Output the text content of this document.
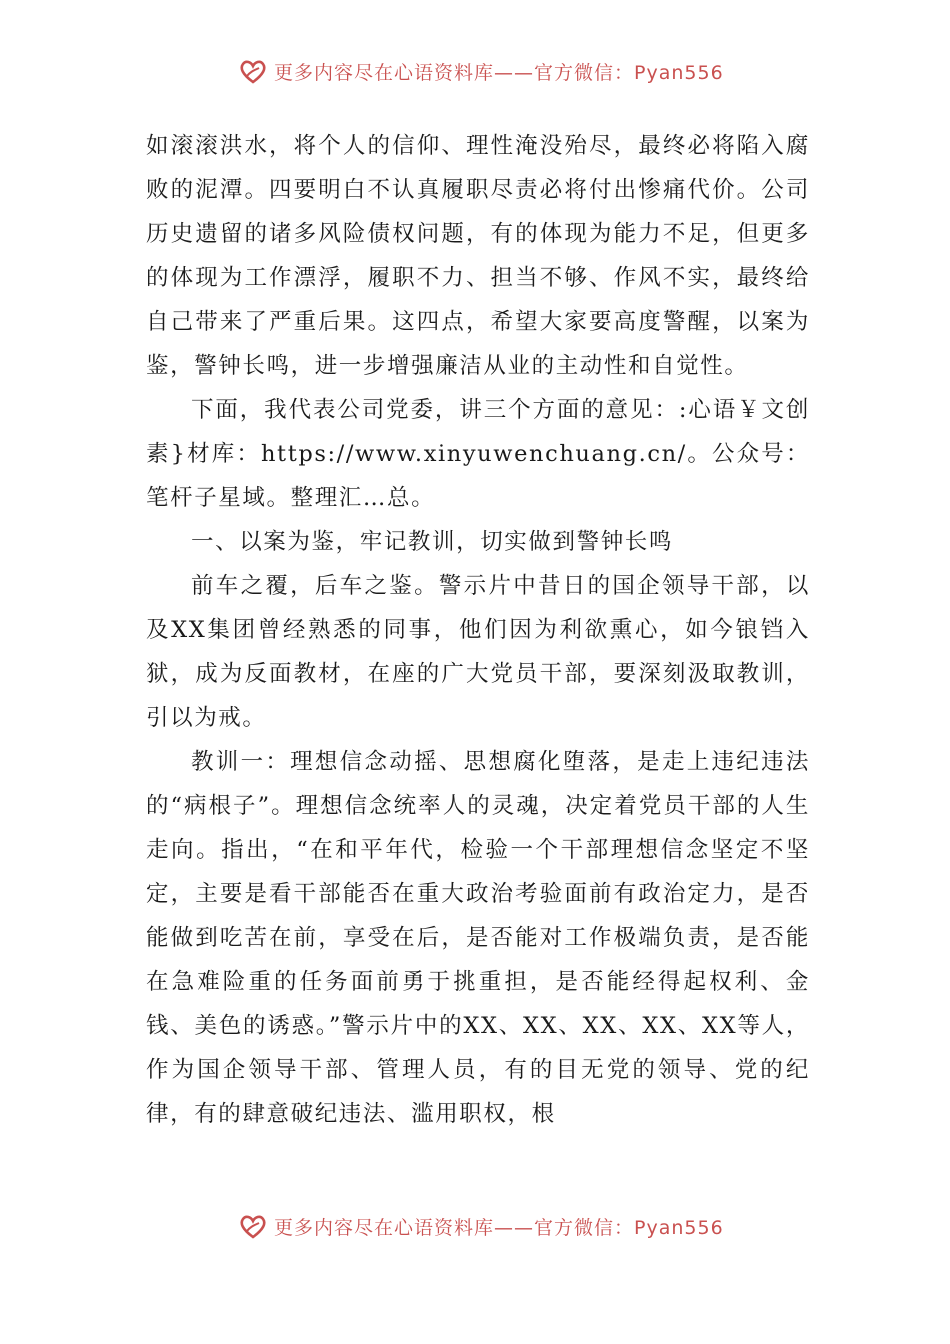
更多内容尽在心语资料库——官方微信：Pyan556

如滚滚洪水，将个人的信仰、理性淹没殆尽，最终必将陷入腐败的泥潭。四要明白不认真履职尽责必将付出惨痛代价。公司历史遗留的诸多风险债权问题，有的体现为能力不足，但更多的体现为工作漂浮，履职不力、担当不够、作风不实，最终给自己带来了严重后果。这四点，希望大家要高度警醒，以案为鉴，警钟长鸣，进一步增强廉洁从业的主动性和自觉性。

下面，我代表公司党委，讲三个方面的意见：:心语￥文创素}材库：https://www.xinyuwenchuang.cn/。公众号：笔杆子星域。整理汇…总。

一、以案为鉴，牢记教训，切实做到警钟长鸣

前车之覆，后车之鉴。警示片中昔日的国企领导干部，以及XX集团曾经熟悉的同事，他们因为利欲熏心，如今锒铛入狱，成为反面教材，在座的广大党员干部，要深刻汲取教训，引以为戒。

教训一：理想信念动摇、思想腐化堕落，是走上违纪违法的“病根子”。理想信念统率人的灵魂，决定着党员干部的人生走向。指出，“在和平年代，检验一个干部理想信念坚定不坚定，主要是看干部能否在重大政治考验面前有政治定力，是否能做到吃苦在前，享受在后，是否能对工作极端负责，是否能在急难险重的任务面前勇于挑重担，是否能经得起权利、金钱、美色的诱惑。”警示片中的XX、XX、XX、XX、XX等人，作为国企领导干部、管理人员，有的目无党的领导、党的纪律，有的肆意破纪违法、滥用职权，根

更多内容尽在心语资料库——官方微信：Pyan556
